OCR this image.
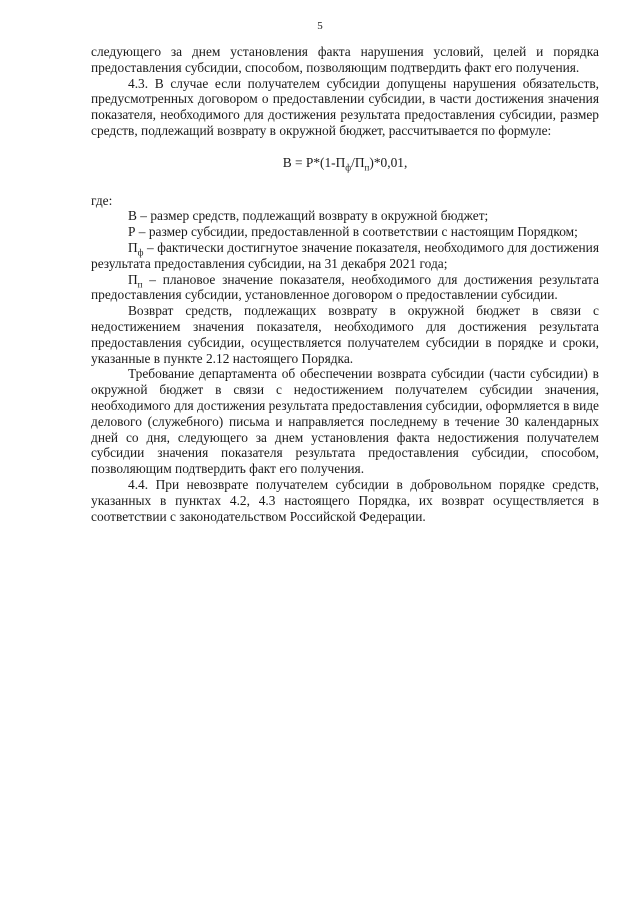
5

следующего за днем установления факта нарушения условий, целей и порядка предоставления субсидии, способом, позволяющим подтвердить факт его получения.

4.3. В случае если получателем субсидии допущены нарушения обязательств, предусмотренных договором о предоставлении субсидии, в части достижения значения показателя, необходимого для достижения результата предоставления субсидии, размер средств, подлежащий возврату в окружной бюджет, рассчитывается по формуле:

$В = Р*(1-П_ф/П_п)*0,01$,

где:

В – размер средств, подлежащий возврату в окружной бюджет;

Р – размер субсидии, предоставленной в соответствии с настоящим Порядком;

$П_ф$ – фактически достигнутое значение показателя, необходимого для достижения результата предоставления субсидии, на 31 декабря 2021 года;

$П_п$ – плановое значение показателя, необходимого для достижения результата предоставления субсидии, установленное договором о предоставлении субсидии.

Возврат средств, подлежащих возврату в окружной бюджет в связи с недостижением значения показателя, необходимого для достижения результата предоставления субсидии, осуществляется получателем субсидии в порядке и сроки, указанные в пункте 2.12 настоящего Порядка.

Требование департамента об обеспечении возврата субсидии (части субсидии) в окружной бюджет в связи с недостижением получателем субсидии значения, необходимого для достижения результата предоставления субсидии, оформляется в виде делового (служебного) письма и направляется последнему в течение 30 календарных дней со дня, следующего за днем установления факта недостижения получателем субсидии значения показателя результата предоставления субсидии, способом, позволяющим подтвердить факт его получения.

4.4. При невозврате получателем субсидии в добровольном порядке средств, указанных в пунктах 4.2, 4.3 настоящего Порядка, их возврат осуществляется в соответствии с законодательством Российской Федерации.
